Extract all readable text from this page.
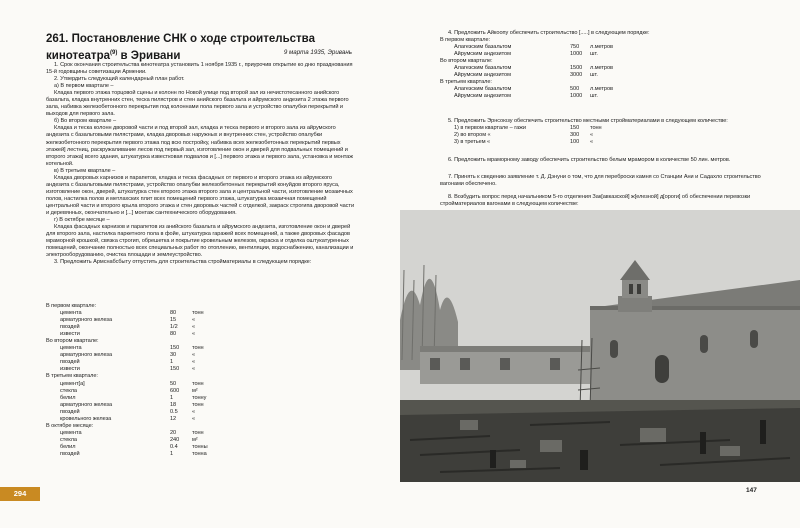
261. Постановление СНК о ходе строительства кинотеатра$^{(9)}$ в Эривани	9 марта 1935, Эривань

1. Срок окончания строительства кинотеатра установить 1 ноября 1935 г., приурочив открытие ко дню празднования 15-й годовщины советизации Армении.

2. Утвердить следующий календарный план работ.

а) В первом квартале –

Кладка первого этажа торцовой сцены и колонн по Новой улице под второй зал из нечистотесанного анийского базальта, кладка внутренних стен, теска пилястров и стен анийского базальта и айрумского андезита 2 этажа первого зала, набивка железобетонного перекрытия под колоннами пола первого зала и устройство опалубки перекрытий и выходов для первого зала.

б) Во втором квартале –

Кладка и теска колонн дворовой части и под второй зал, кладка и теска первого и второго зала из айрумского андезита с базальтовыми пилястрами, кладка дворовых наружных и внутренних стен, устройство опалубки железобетонного перекрытия первого этажа под всю постройку, набивка всех железобетонных перекрытий первых этажей] лестниц, раскружаливание лесов под первый зал, изготовление окон и дверей для подвальных помещений и второго этажа] всего здания, штукатурка известковая подвалов и [...] первого этажа и первого зала, установка и монтаж котельной.

в) В третьем квартале –

Кладка дворовых карнизов и парапетов, кладка и теска фасадных от первого и второго этажа из айрумского андезита с базальтовыми пилястрами, устройство опалубки железобетонных перекрытий конуйдов второго яруса, изготовление окон, дверей, штукатурка стен второго этажа второго зала и центральной части, изготовление мозаичных полов, настилка полов и метлахских плит всех помещений первого этажа, штукатурка мозаичная помещений центральной части и второго крыла второго этажа и стен дворовых частей с отделкой, закраск строгипа дворовой части и деревянных, окончательно и [...] монтаж сантехнического оборудования.

г) В октябре месяце –

Кладка фасадных карнизов и парапетов из анийского базальта и айрумского андезита, изготовление окон и дверей для второго зала, настилка паркетного пола в фойе, штукатурка гаражей всех помещений, а также дворовых фасадов мраморной крошкой, связка строгип, обрешетка и покрытие кровельным железом, окраска и отделка оштукатуренных помещений, окончание полностью всех специальных работ по отоплению, вентиляции, водоснабжению, канализации и электрооборудованию, очистка площади и землеустройство.

3. Предложить Армснабсбыту отпустить для строительства стройматериалы в следующем порядке:

В первом квартале:
цемента	80	тонн
арматурного железа	15	«
гвоздей	1/2	«
извести	80	«
Во втором квартале:
цемента	150 тонн
арматурного железа	30	«
гвоздей	1	«
извести	150 «
В третьем квартале:
цемент[а]	50	тонн
стекла	600 м²
белил	1	тонну
арматурного железа	18	тонн
гвоздей	0.5	«
кровельного железа	12	«
В октябре месяце:
цемента	20	тонн
стекла	240 м²
белил	0.4	тонны
гвоздей	1	тонна
294

4. Предложить Айкоопу обеспечить строительство [.....] в следующем порядке:

В первом квартале:
Алагезским базальтом	750 л.метров
Айрумским андезитом	1000 шт.
Во втором квартале:
Алагезским базальтом	1500 л.метров
Айрумским андезитом	3000 шт.
В третьем квартале:
Алагезским базальтом	500 л.метров
Айрумским андезитом	1000 шт.

5. Предложить Эрнсоюзу обеспечить строительство местными стройматериалами в следующем количестве:

1) в первом квартале – гажи	150 тонн
2) во втором «	300 «
3) в третьем «	100 «

6. Предложить мраморному заводу обеспечить строительство белым мрамором в количестве 50 лин. метров.

7. Принять к сведению заявление т. Д. Дэнуни о том, что для переброски камня со Станции Ани и Садахло строительство вагонами обеспечено.

8. Возбудить вопрос перед начальником 5-го отделения Зак[авказской] ж[елезной] д[ороги] об обеспечении перевозки стройматериалов вагонами в следующем количестве:

147
